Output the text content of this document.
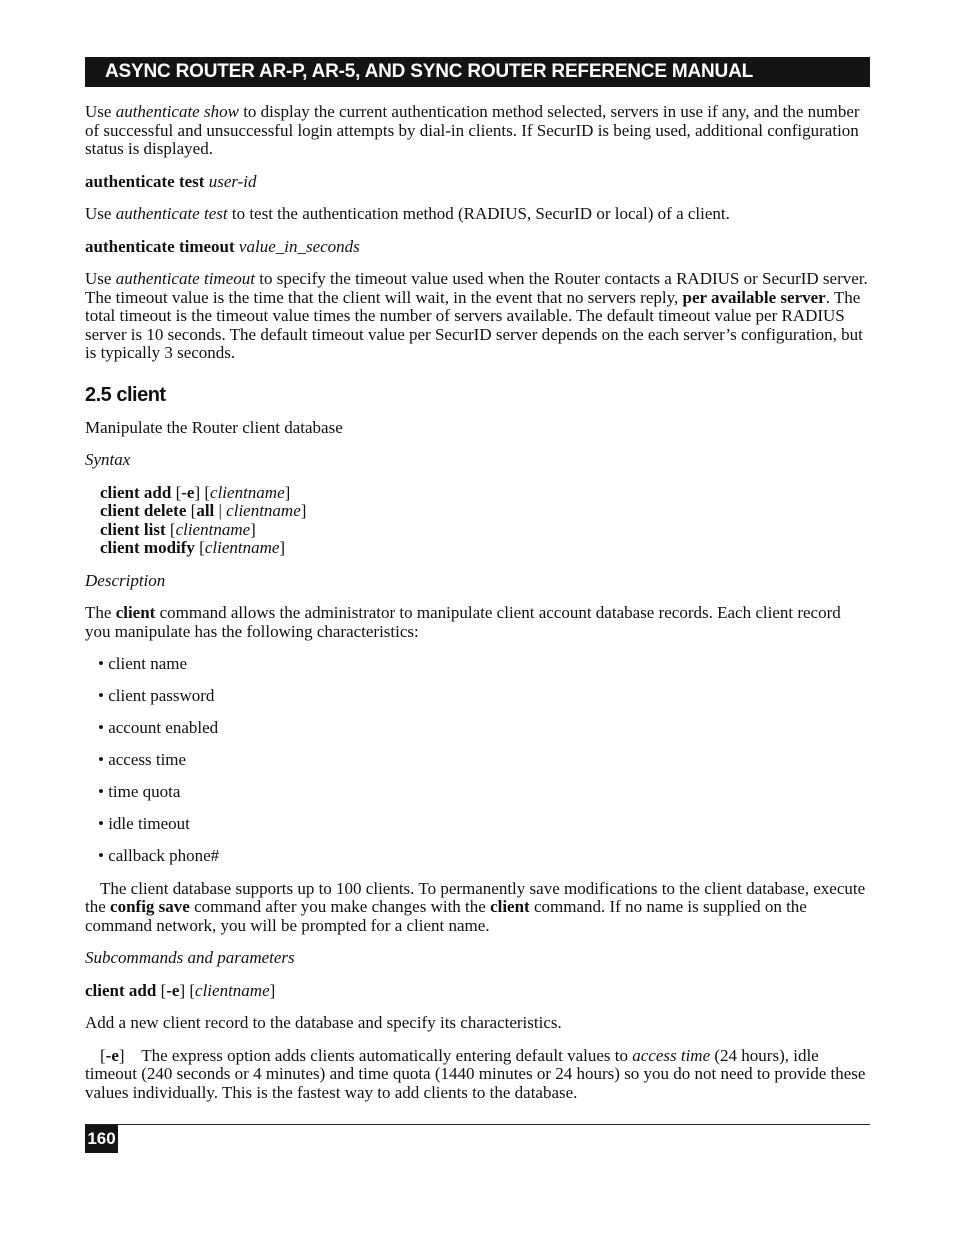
ASYNC ROUTER AR-P, AR-5, AND SYNC ROUTER REFERENCE MANUAL

Use authenticate show to display the current authentication method selected, servers in use if any, and the number of successful and unsuccessful login attempts by dial-in clients. If SecurID is being used, additional configuration status is displayed.

authenticate test user-id

Use authenticate test to test the authentication method (RADIUS, SecurID or local) of a client.

authenticate timeout value_in_seconds

Use authenticate timeout to specify the timeout value used when the Router contacts a RADIUS or SecurID server. The timeout value is the time that the client will wait, in the event that no servers reply, per available server. The total timeout is the timeout value times the number of servers available. The default timeout value per RADIUS server is 10 seconds. The default timeout value per SecurID server depends on the each server’s configuration, but is typically 3 seconds.

2.5 client

Manipulate the Router client database

Syntax

client add [-e] [clientname]
client delete [all | clientname]
client list [clientname]
client modify [clientname]

Description

The client command allows the administrator to manipulate client account database records. Each client record you manipulate has the following characteristics:

• client name
• client password
• account enabled
• access time
• time quota
• idle timeout
• callback phone#

The client database supports up to 100 clients. To permanently save modifications to the client database, execute the config save command after you make changes with the client command. If no name is supplied on the command network, you will be prompted for a client name.

Subcommands and parameters

client add [-e] [clientname]

Add a new client record to the database and specify its characteristics.

[-e]    The express option adds clients automatically entering default values to access time (24 hours), idle timeout (240 seconds or 4 minutes) and time quota (1440 minutes or 24 hours) so you do not need to provide these values individually. This is the fastest way to add clients to the database.

160
